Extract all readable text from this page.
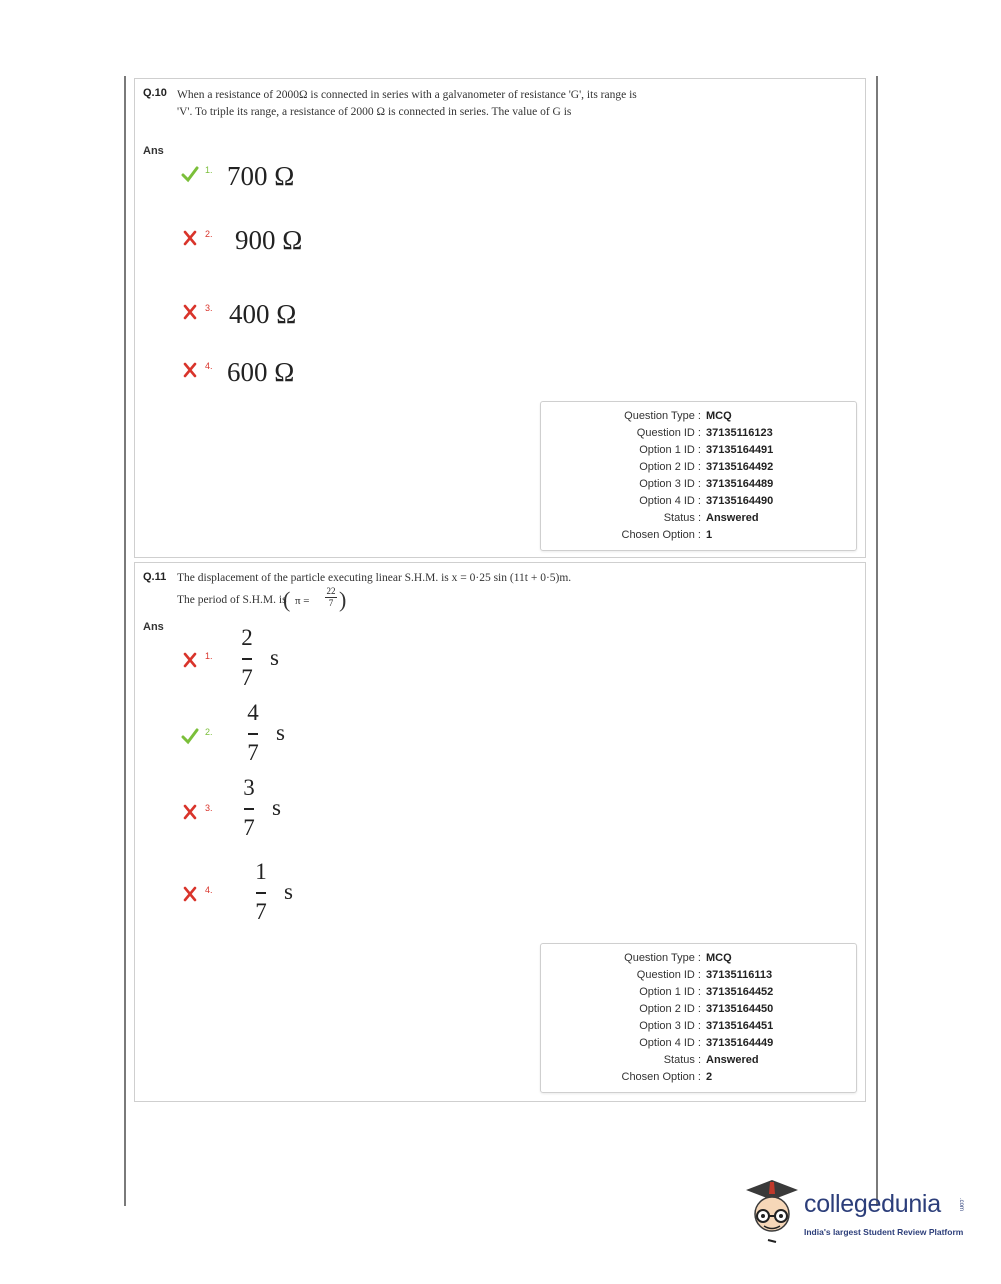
Q.10 When a resistance of 2000Ω is connected in series with a galvanometer of resistance 'G', its range is 'V'. To triple its range, a resistance of 2000 Ω is connected in series. The value of G is
Ans
1. 700 Ω
2. 900 Ω
3. 400 Ω
4. 600 Ω
Question Type : MCQ
Question ID : 37135116123
Option 1 ID : 37135164491
Option 2 ID : 37135164492
Option 3 ID : 37135164489
Option 4 ID : 37135164490
Status : Answered
Chosen Option : 1
Q.11 The displacement of the particle executing linear S.H.M. is x = 0·25 sin (11t + 0·5)m.
The period of S.H.M. is
( π =
22
7 )
Ans
1.
2
7
s
2.
4
7
s
3.
3
7
s
4.
1
7
s
Question Type : MCQ
Question ID : 37135116113
Option 1 ID : 37135164452
Option 2 ID : 37135164450
Option 3 ID : 37135164451
Option 4 ID : 37135164449
Status : Answered
Chosen Option : 2
collegedunia	.com
India's largest Student Review Platform
